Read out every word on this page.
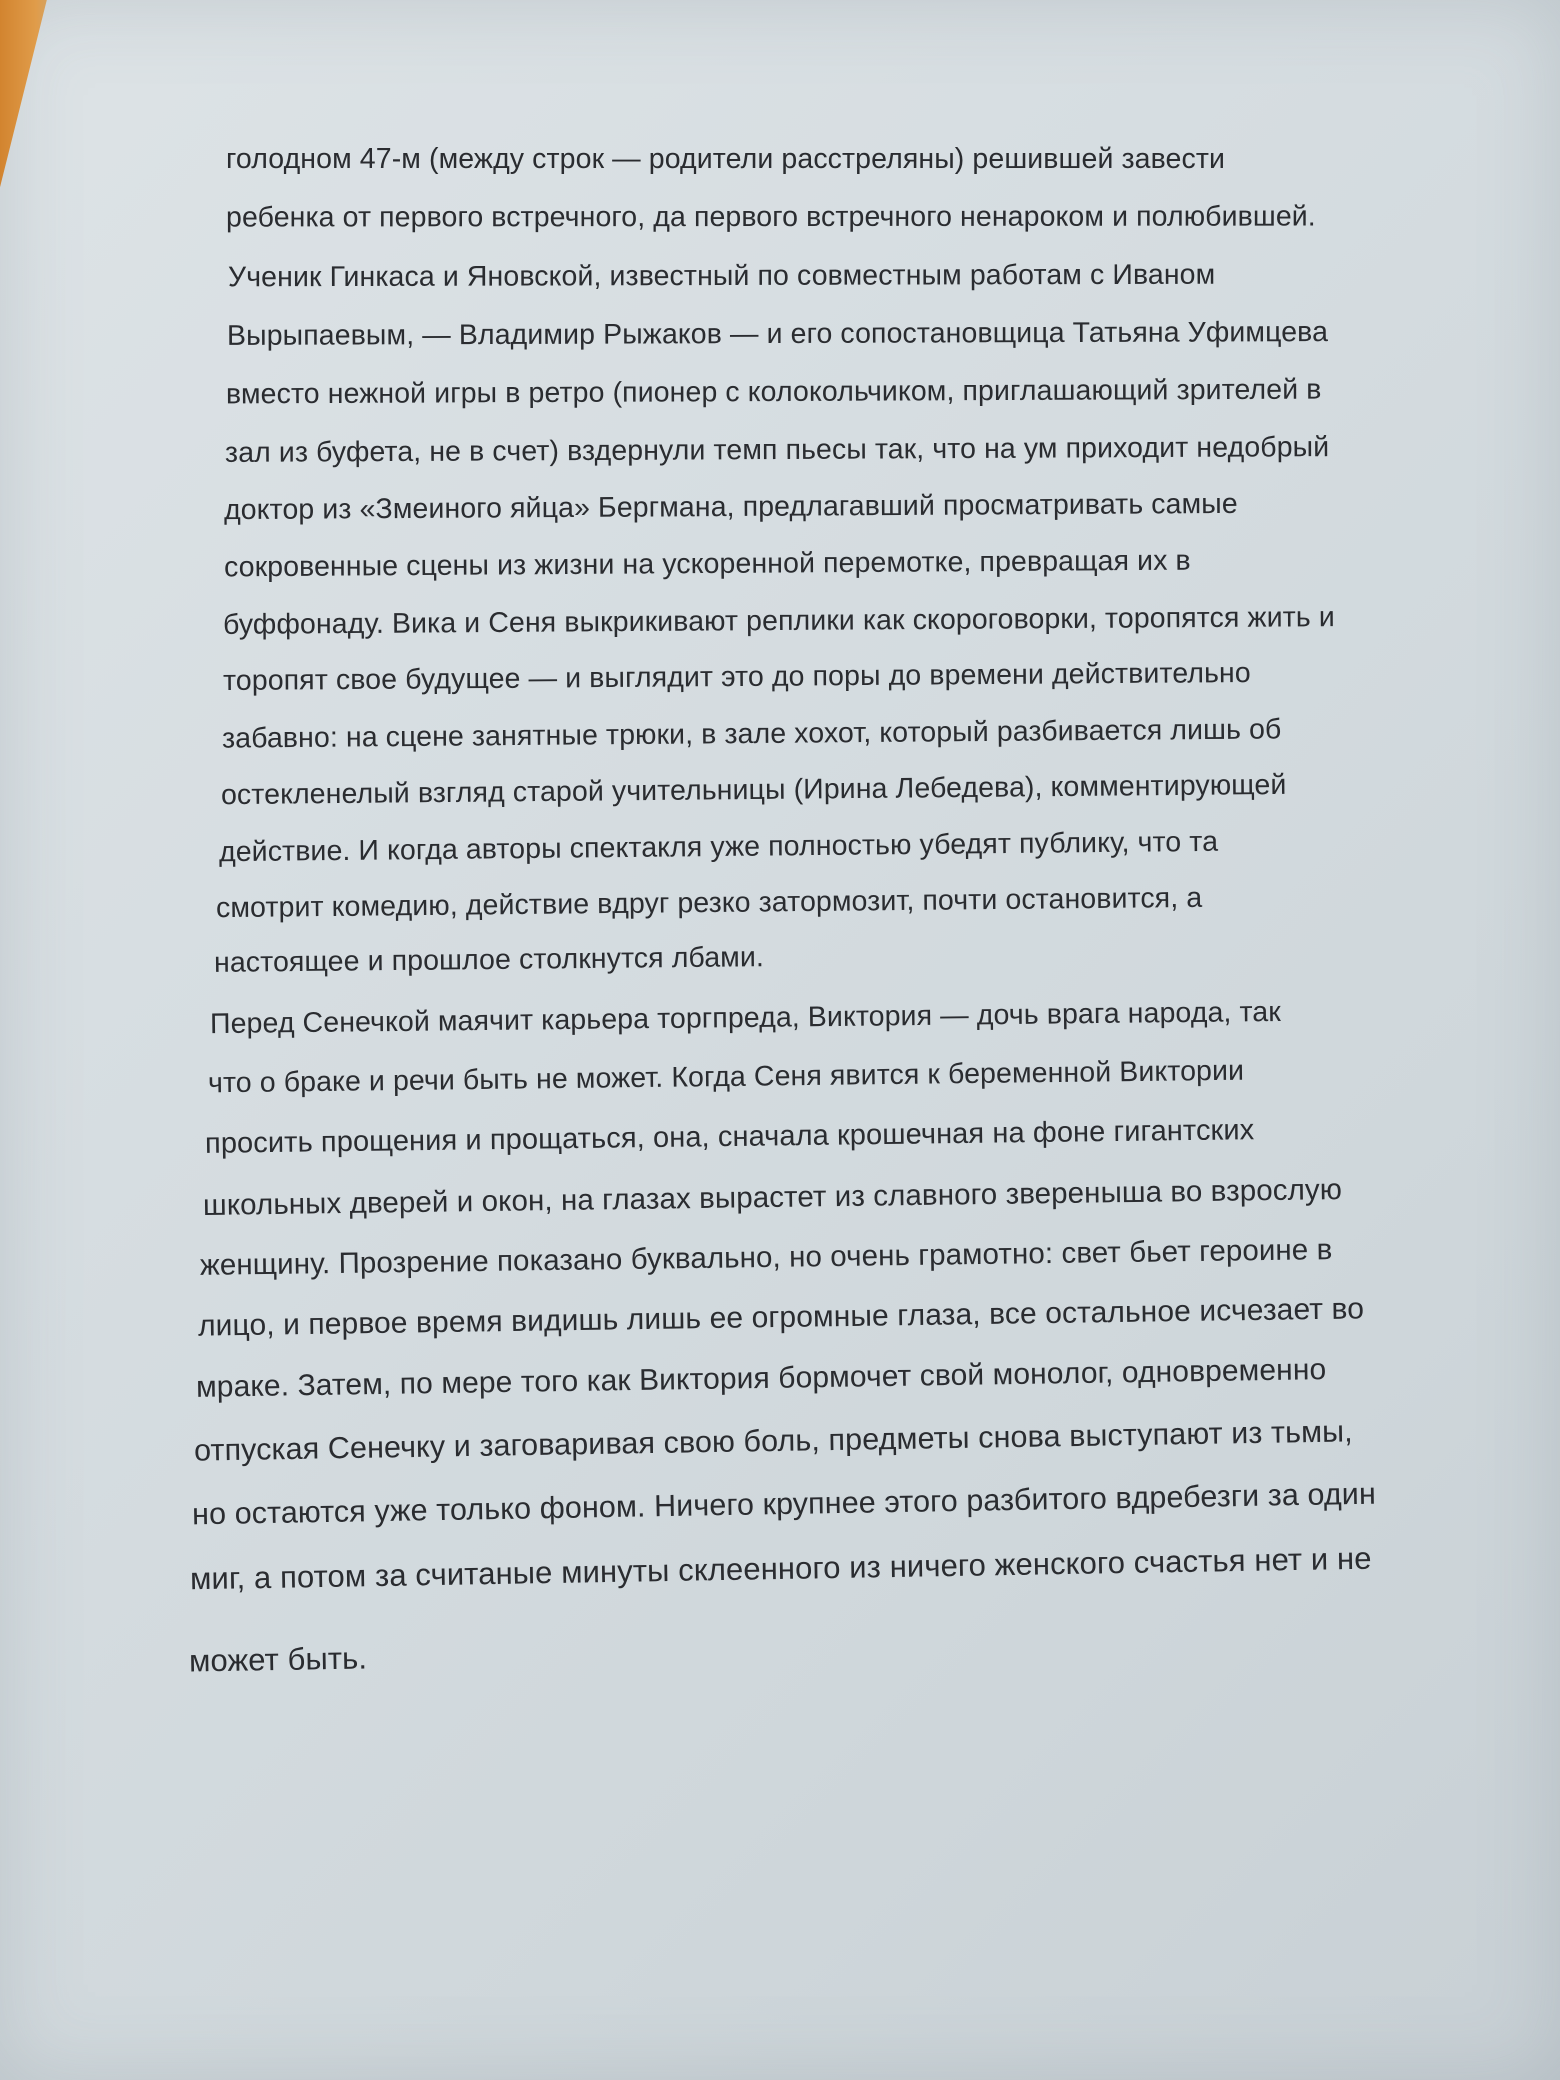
голодном 47-м (между строк — родители расстреляны) решившей завести

ребенка от первого встречного, да первого встречного ненароком и полюбившей.

Ученик Гинкаса и Яновской, известный по совместным работам с Иваном

Вырыпаевым, — Владимир Рыжаков — и его сопостановщица Татьяна Уфимцева

вместо нежной игры в ретро (пионер с колокольчиком, приглашающий зрителей в

зал из буфета, не в счет) вздернули темп пьесы так, что на ум приходит недобрый

доктор из «Змеиного яйца» Бергмана, предлагавший просматривать самые

сокровенные сцены из жизни на ускоренной перемотке, превращая их в

буффонаду. Вика и Сеня выкрикивают реплики как скороговорки, торопятся жить и

торопят свое будущее — и выглядит это до поры до времени действительно

забавно: на сцене занятные трюки, в зале хохот, который разбивается лишь об

остекленелый взгляд старой учительницы (Ирина Лебедева), комментирующей

действие. И когда авторы спектакля уже полностью убедят публику, что та

смотрит комедию, действие вдруг резко затормозит, почти остановится, а

настоящее и прошлое столкнутся лбами.

Перед Сенечкой маячит карьера торгпреда, Виктория — дочь врага народа, так

что о браке и речи быть не может. Когда Сеня явится к беременной Виктории

просить прощения и прощаться, она, сначала крошечная на фоне гигантских

школьных дверей и окон, на глазах вырастет из славного звереныша во взрослую

женщину. Прозрение показано буквально, но очень грамотно: свет бьет героине в

лицо, и первое время видишь лишь ее огромные глаза, все остальное исчезает во

мраке. Затем, по мере того как Виктория бормочет свой монолог, одновременно

отпуская Сенечку и заговаривая свою боль, предметы снова выступают из тьмы,

но остаются уже только фоном. Ничего крупнее этого разбитого вдребезги за один

миг, а потом за считаные минуты склеенного из ничего женского счастья нет и не

может быть.
